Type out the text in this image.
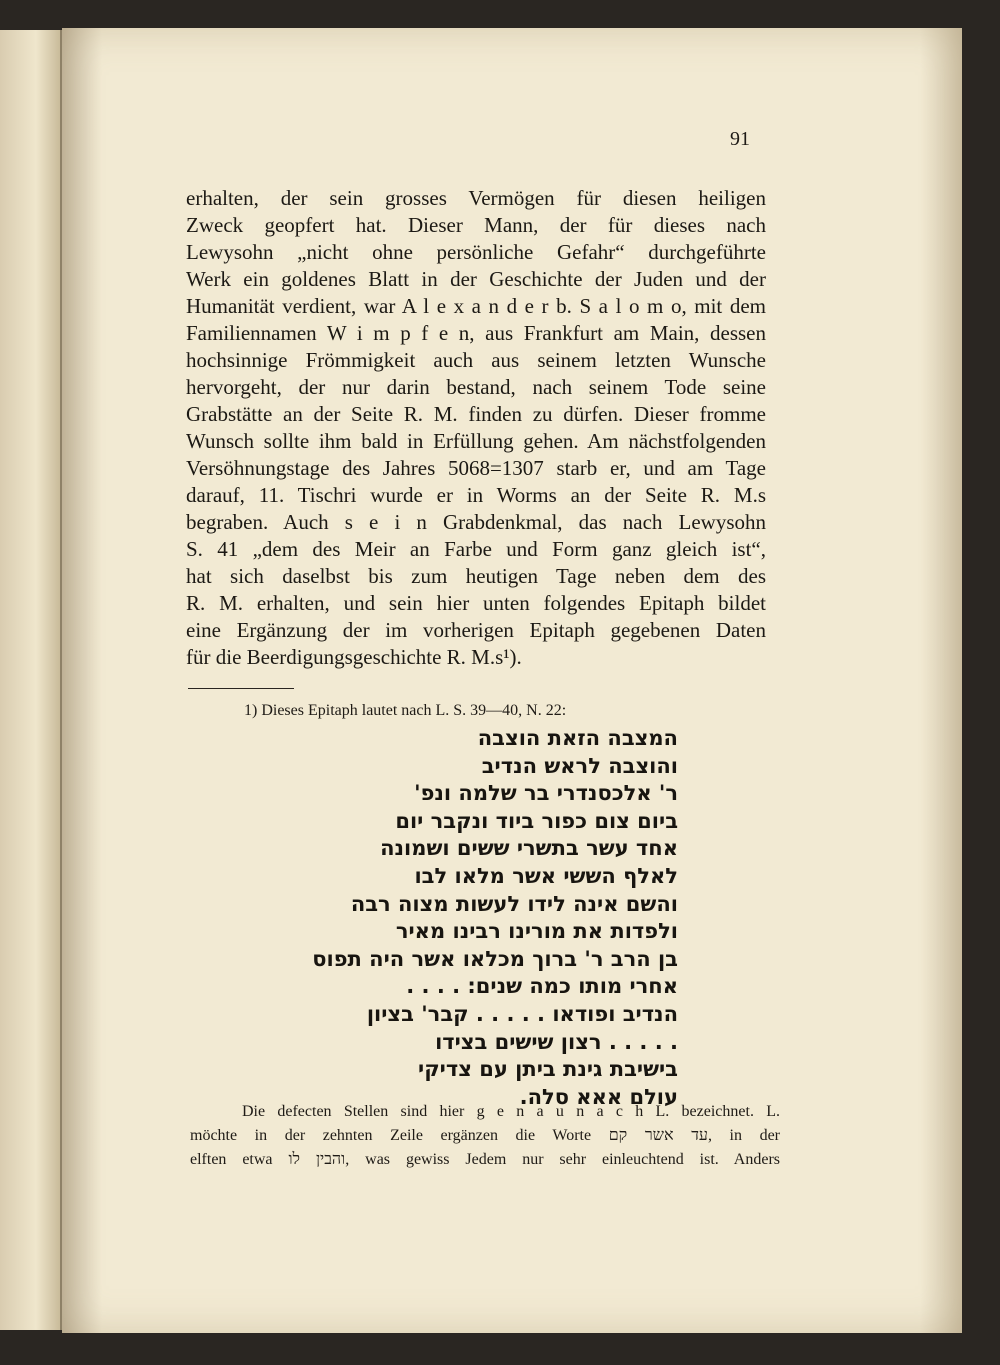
91
erhalten, der sein grosses Vermögen für diesen heiligen
Zweck geopfert hat. Dieser Mann, der für dieses nach
Lewysohn „nicht ohne persönliche Gefahr“ durchgeführte
Werk ein goldenes Blatt in der Geschichte der Juden und der
Humanität verdient, war A l e x a n d e r b. S a l o m o, mit dem
Familiennamen W i m p f e n, aus Frankfurt am Main, dessen
hochsinnige Frömmigkeit auch aus seinem letzten Wunsche
hervorgeht, der nur darin bestand, nach seinem Tode seine
Grabstätte an der Seite R. M. finden zu dürfen. Dieser fromme
Wunsch sollte ihm bald in Erfüllung gehen. Am nächstfolgenden
Versöhnungstage des Jahres 5068=1307 starb er, und am Tage
darauf, 11. Tischri wurde er in Worms an der Seite R. M.s
begraben. Auch s e i n Grabdenkmal, das nach Lewysohn
S. 41 „dem des Meir an Farbe und Form ganz gleich ist“,
hat sich daselbst bis zum heutigen Tage neben dem des
R. M. erhalten, und sein hier unten folgendes Epitaph bildet
eine Ergänzung der im vorherigen Epitaph gegebenen Daten
für die Beerdigungsgeschichte R. M.s¹).
1) Dieses Epitaph lautet nach L. S. 39—40, N. 22:
המצבה הזאת הוצבה
והוצבה לראש הנדיב
ר' אלכסנדרי בר שלמה ונפ'
ביום צום כפור ביוד ונקבר יום
אחד עשר בתשרי ששים ושמונה
לאלף הששי אשר מלאו לבו
והשם אינה לידו לעשות מצוה רבה
ולפדות את מורינו רבינו מאיר
בן הרב ר' ברוך מכלאו אשר היה תפוס
אחרי מותו כמה שנים: . . . .
הנדיב ופודאו . . . . . קבר' בציון
. . . . . רצון שישים בצידו
בישיבת גינת ביתן עם צדיקי
עולם אאא סלה.
Die defecten Stellen sind hier g e n a u n a c h L. bezeichnet. L.
möchte in der zehnten Zeile ergänzen die Worte עד אשר קם, in der
elften etwa והבין לו, was gewiss Jedem nur sehr einleuchtend ist. Anders
